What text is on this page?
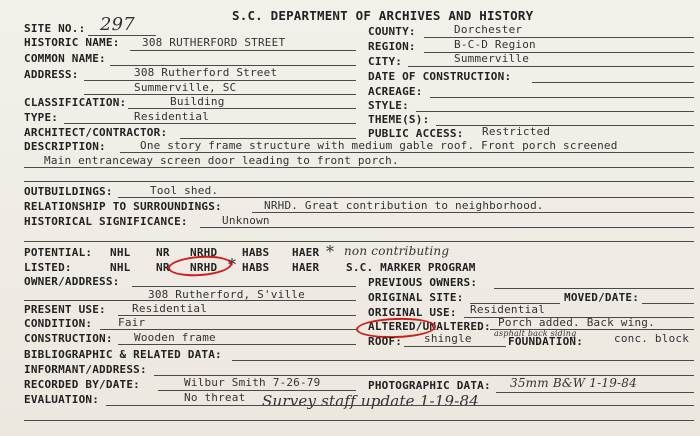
S.C. DEPARTMENT OF ARCHIVES AND HISTORY
SITE NO.: 297
HISTORIC NAME: 308 RUTHERFORD STREET
COMMON NAME:
ADDRESS:	308 Rutherford Street
Summerville, SC
CLASSIFICATION:	Building
TYPE:	Residential
ARCHITECT/CONTRACTOR:
COUNTY:	Dorchester
REGION:	B-C-D Region
CITY:	Summerville
DATE OF CONSTRUCTION:
ACREAGE:
STYLE:
THEME(S):
PUBLIC ACCESS: Restricted
DESCRIPTION:	One story frame structure with medium gable roof. Front porch screened
Main entranceway screen door leading to front porch.
OUTBUILDINGS:	Tool shed.
RELATIONSHIP TO SURROUNDINGS:	NRHD. Great contribution to neighborhood.
HISTORICAL SIGNIFICANCE:	Unknown
POTENTIAL: NHL NR NRHD HABS HAER * non contributing
LISTED:	NHL NR NRHD HABS HAER
*	S.C. MARKER PROGRAM
OWNER/ADDRESS:
308 Rutherford, S'ville
PREVIOUS OWNERS:
ORIGINAL SITE:	MOVED/DATE:
PRESENT USE: Residential	ORIGINAL USE: Residential
CONDITION: Fair	ALTERED/UNALTERED: Porch added. Back wing.
asphalt back siding
CONSTRUCTION: Wooden frame	ROOF: shingle	FOUNDATION:	conc. block
BIBLIOGRAPHIC & RELATED DATA:
INFORMANT/ADDRESS:
RECORDED BY/DATE:	Wilbur Smith 7-26-79	PHOTOGRAPHIC DATA: 35mm B&W 1-19-84
EVALUATION:	No threat Survey staff update 1-19-84
